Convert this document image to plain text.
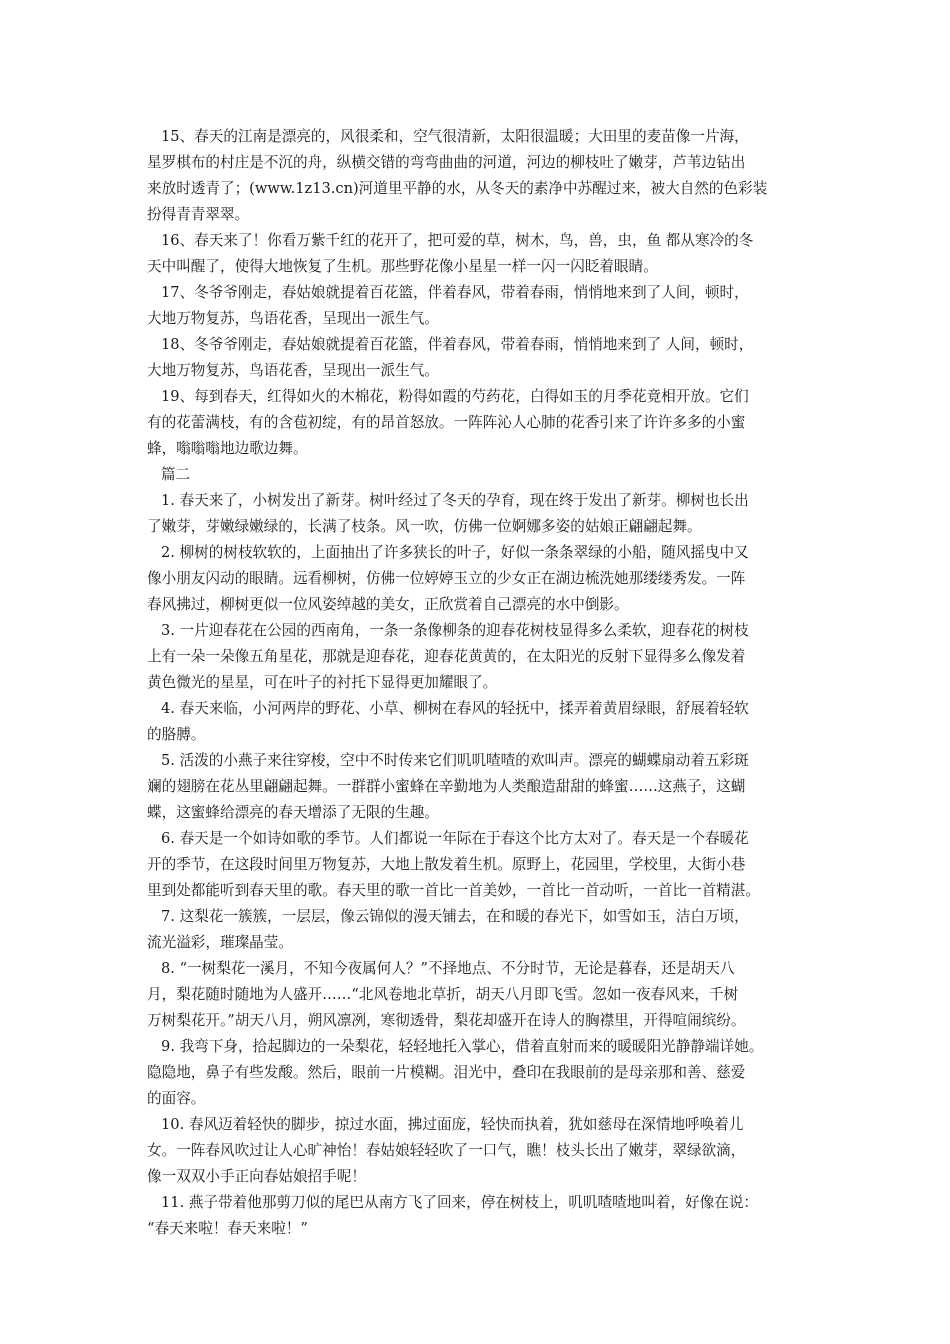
15、春天的江南是漂亮的，风很柔和，空气很清新，太阳很温暖；大田里的麦苗像一片海，
星罗棋布的村庄是不沉的舟，纵横交错的弯弯曲曲的河道，河边的柳枝吐了嫩芽，芦苇边钻出
来放时透青了；(www.1z13.cn)河道里平静的水，从冬天的素净中苏醒过来，被大自然的色彩装
扮得青青翠翠。
16、春天来了！你看万紫千红的花开了，把可爱的草，树木，鸟，兽，虫，鱼 都从寒冷的冬
天中叫醒了，使得大地恢复了生机。那些野花像小星星一样一闪一闪眨着眼睛。
17、冬爷爷刚走，春姑娘就提着百花篮，伴着春风，带着春雨，悄悄地来到了人间，顿时，
大地万物复苏，鸟语花香，呈现出一派生气。
18、冬爷爷刚走，春姑娘就提着百花篮，伴着春风，带着春雨，悄悄地来到了 人间，顿时，
大地万物复苏，鸟语花香，呈现出一派生气。
19、每到春天，红得如火的木棉花，粉得如霞的芍药花，白得如玉的月季花竟相开放。它们
有的花蕾满枝，有的含苞初绽，有的昂首怒放。一阵阵沁人心肺的花香引来了许许多多的小蜜
蜂，嗡嗡嗡地边歌边舞。
篇二
1. 春天来了，小树发出了新芽。树叶经过了冬天的孕育，现在终于发出了新芽。柳树也长出
了嫩芽，芽嫩绿嫩绿的，长满了枝条。风一吹，仿佛一位婀娜多姿的姑娘正翩翩起舞。
2. 柳树的树枝软软的，上面抽出了许多狭长的叶子，好似一条条翠绿的小船，随风摇曳中又
像小朋友闪动的眼睛。远看柳树，仿佛一位婷婷玉立的少女正在湖边梳洗她那缕缕秀发。一阵
春风拂过，柳树更似一位风姿绰越的美女，正欣赏着自己漂亮的水中倒影。
3. 一片迎春花在公园的西南角，一条一条像柳条的迎春花树枝显得多么柔软，迎春花的树枝
上有一朵一朵像五角星花，那就是迎春花，迎春花黄黄的，在太阳光的反射下显得多么像发着
黄色微光的星星，可在叶子的衬托下显得更加耀眼了。
4. 春天来临，小河两岸的野花、小草、柳树在春风的轻抚中，揉弄着黄眉绿眼，舒展着轻软
的胳膊。
5. 活泼的小燕子来往穿梭，空中不时传来它们叽叽喳喳的欢叫声。漂亮的蝴蝶扇动着五彩斑
斓的翅膀在花丛里翩翩起舞。一群群小蜜蜂在辛勤地为人类酿造甜甜的蜂蜜……这燕子，这蝴
蝶，这蜜蜂给漂亮的春天增添了无限的生趣。
6. 春天是一个如诗如歌的季节。人们都说一年际在于春这个比方太对了。春天是一个春暖花
开的季节，在这段时间里万物复苏，大地上散发着生机。原野上，花园里，学校里，大街小巷
里到处都能听到春天里的歌。春天里的歌一首比一首美妙，一首比一首动听，一首比一首精湛。
7. 这梨花一簇簇，一层层，像云锦似的漫天铺去，在和暖的春光下，如雪如玉，洁白万顷，
流光溢彩，璀璨晶莹。
8. “一树梨花一溪月，不知今夜属何人？”不择地点、不分时节，无论是暮春，还是胡天八
月，梨花随时随地为人盛开……“北风卷地北草折，胡天八月即飞雪。忽如一夜春风来，千树
万树梨花开。”胡天八月，朔风凛冽，寒彻透骨，梨花却盛开在诗人的胸襟里，开得喧闹缤纷。
9. 我弯下身，拾起脚边的一朵梨花，轻轻地托入掌心，借着直射而来的暖暖阳光静静端详她。
隐隐地，鼻子有些发酸。然后，眼前一片模糊。泪光中，叠印在我眼前的是母亲那和善、慈爱
的面容。
10. 春风迈着轻快的脚步，掠过水面，拂过面庞，轻快而执着，犹如慈母在深情地呼唤着儿
女。一阵春风吹过让人心旷神怡！春姑娘轻轻吹了一口气，瞧！枝头长出了嫩芽，翠绿欲滴，
像一双双小手正向春姑娘招手呢！
11. 燕子带着他那剪刀似的尾巴从南方飞了回来，停在树枝上，叽叽喳喳地叫着，好像在说：
“春天来啦！春天来啦！”
